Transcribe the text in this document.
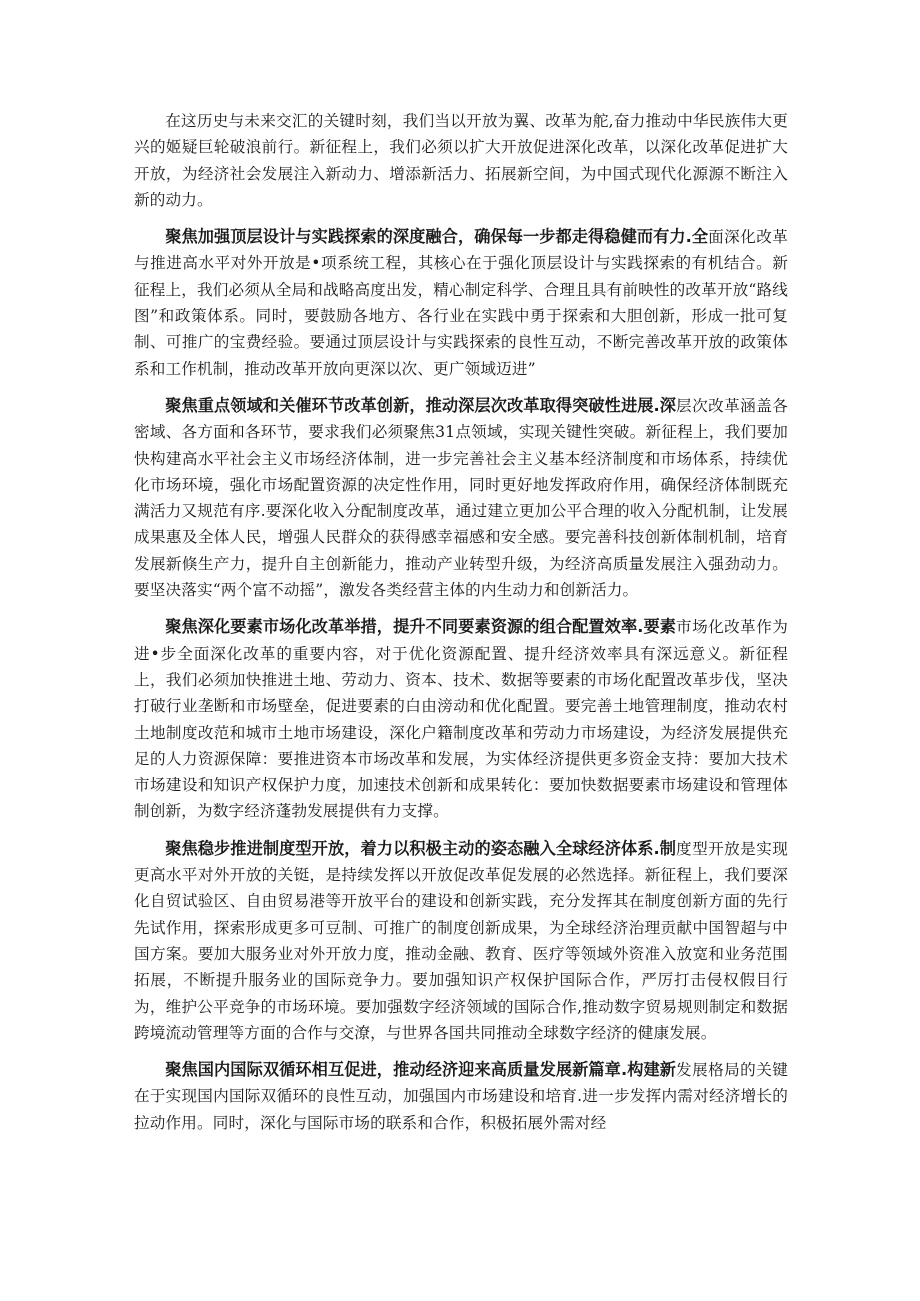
在这历史与未来交汇的关键时刻，我们当以开放为翼、改革为舵,奋力推动中华民族伟大更兴的姬疑巨轮破浪前行。新征程上，我们必须以扩大开放促进深化改革，以深化改革促进扩大开放，为经济社会发展注入新动力、增添新活力、拓展新空间，为中国式现代化源源不断注入新的动力。

聚焦加强顶层设计与实践探索的深度融合，确保每一步都走得稳健而有力.全面深化改革与推进高水平对外开放是•项系统工程，其核心在于强化顶层设计与实践探索的有机结合。新征程上，我们必须从全局和战略高度出发，精心制定科学、合理且具有前映性的改革开放“路线图”和政策体系。同时，要鼓励各地方、各行业在实践中勇于探索和大胆创新，形成一批可复制、可推广的宝费经验。要通过顶层设计与实践探索的良性互动，不断完善改革开放的政策体系和工作机制，推动改革开放向更深以次、更广领域迈进”

聚焦重点领域和关催环节改革创新，推动深层次改革取得突破性进展.深层次改革涵盖各密域、各方面和各环节，要求我们必须聚焦31点领域，实现关键性突破。新征程上，我们要加快构建高水平社会主义市场经济体制，进一步完善社会主义基本经济制度和市场体系，持续优化市场环境，强化市场配置资源的决定性作用，同时更好地发挥政府作用，确保经济体制既充满活力又规范有序.要深化收入分配制度改革，通过建立更加公平合理的收入分配机制，让发展成果惠及全体人民，增强人民群众的获得感幸福感和安全感。要完善科技创新体制机制，培育发展新倏生产力，提升自主创新能力，推动产业转型升级，为经济高质量发展注入强劲动力。要坚决落实“两个富不动摇”，激发各类经营主体的内生动力和创新活力。

聚焦深化要素市场化改革举措，提升不同要素资源的组合配置效率.要素市场化改革作为进•步全面深化改革的重要内容，对于优化资源配置、提升经济效率具有深远意义。新征程上，我们必须加快推进土地、劳动力、资本、技术、数据等要素的市场化配置改革步伐，坚决打破行业垄断和市场壁垒，促进要素的白由滂动和优化配置。要完善土地管理制度，推动农村土地制度改范和城市土地市场建设，深化户籍制度改革和劳动力市场建设，为经济发展提供充足的人力资源保障：要推进资本市场改革和发展，为实体经济提供更多资金支持：要加大技术市场建设和知识产权保护力度，加速技术创新和成果转化：要加快数据要素市场建设和管理体制创新，为数字经济蓬勃发展提供有力支撑。

聚焦稳步推进制度型开放，着力以积极主动的姿态融入全球经济体系.制度型开放是实现更高水平对外开放的关铤，是持续发挥以开放促改革促发展的必然选择。新征程上，我们要深化自贸试验区、自由贸易港等开放平台的建设和创新实践，充分发挥其在制度创新方面的先行先试作用，探索形成更多可豆制、可推广的制度创新成果，为全球经济治理贡献中国智超与中国方案。要加大服务业对外开放力度，推动金融、教育、医疗等领域外资准入放宽和业务范围拓展，不断提升服务业的国际竞争力。要加强知识产权保护国际合作，严厉打击侵权假目行为，维护公平竞争的市场环境。要加强数字经济领域的国际合作,推动数字贸易规则制定和数据跨境流动管理等方面的合作与交潦，与世界各国共同推动全球数字经济的健康发展。

聚焦国内国际双循环相互促进，推动经济迎来高质量发展新篇章.构建新发展格局的关键在于实现国内国际双循环的良性互动，加强国内市场建设和培育.进一步发挥内需对经济增长的拉动作用。同时，深化与国际市场的联系和合作，积极拓展外需对经
